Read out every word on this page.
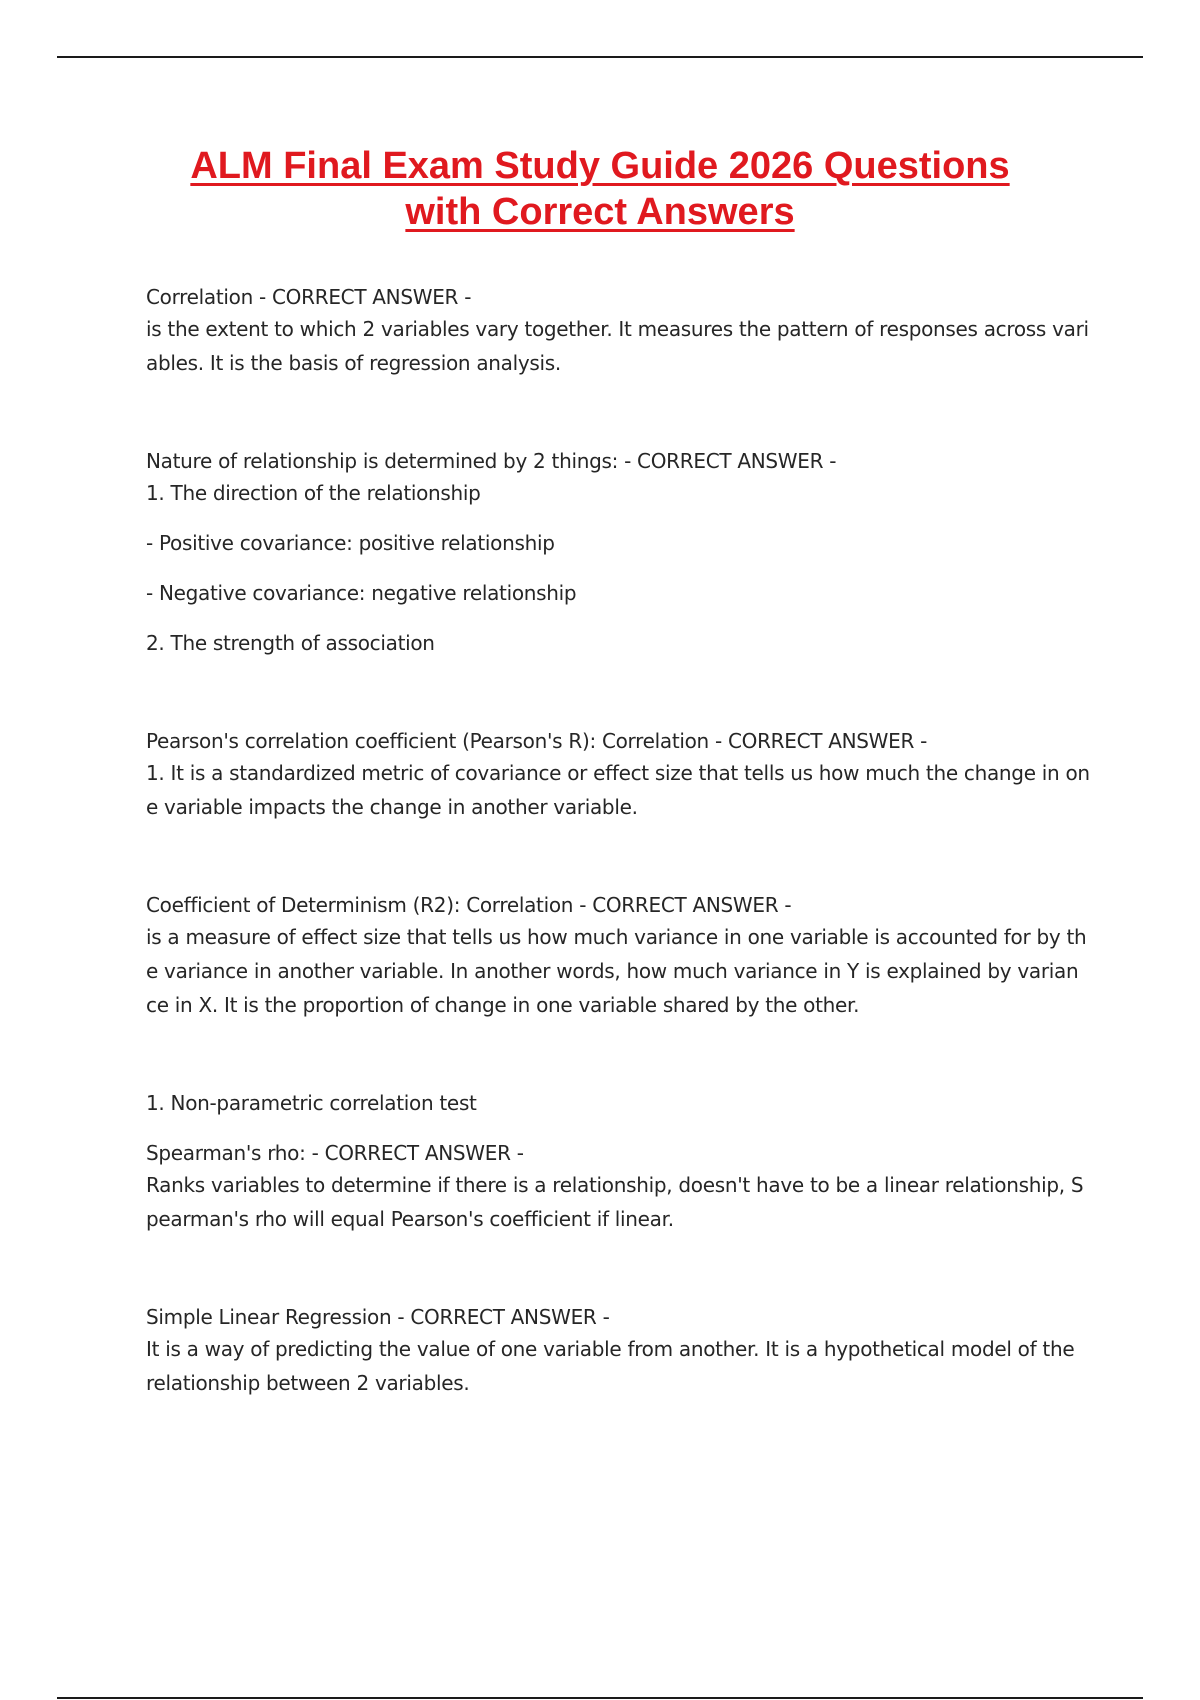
ALM Final Exam Study Guide 2026 Questions
with Correct Answers
Correlation - CORRECT ANSWER -
is the extent to which 2 variables vary together. It measures the pattern of responses across vari ables. It is the basis of regression analysis.
Nature of relationship is determined by 2 things: - CORRECT ANSWER -
1. The direction of the relationship
- Positive covariance: positive relationship
- Negative covariance: negative relationship
2. The strength of association
Pearson's correlation coefficient (Pearson's R): Correlation - CORRECT ANSWER -
1. It is a standardized metric of covariance or effect size that tells us how much the change in on e variable impacts the change in another variable.
Coefficient of Determinism (R2): Correlation - CORRECT ANSWER -
is a measure of effect size that tells us how much variance in one variable is accounted for by th e variance in another variable. In another words, how much variance in Y is explained by varian ce in X. It is the proportion of change in one variable shared by the other.
1. Non-parametric correlation test
Spearman's rho: - CORRECT ANSWER -
Ranks variables to determine if there is a relationship, doesn't have to be a linear relationship, S pearman's rho will equal Pearson's coefficient if linear.
Simple Linear Regression - CORRECT ANSWER -
It is a way of predicting the value of one variable from another. It is a hypothetical model of the relationship between 2 variables.
